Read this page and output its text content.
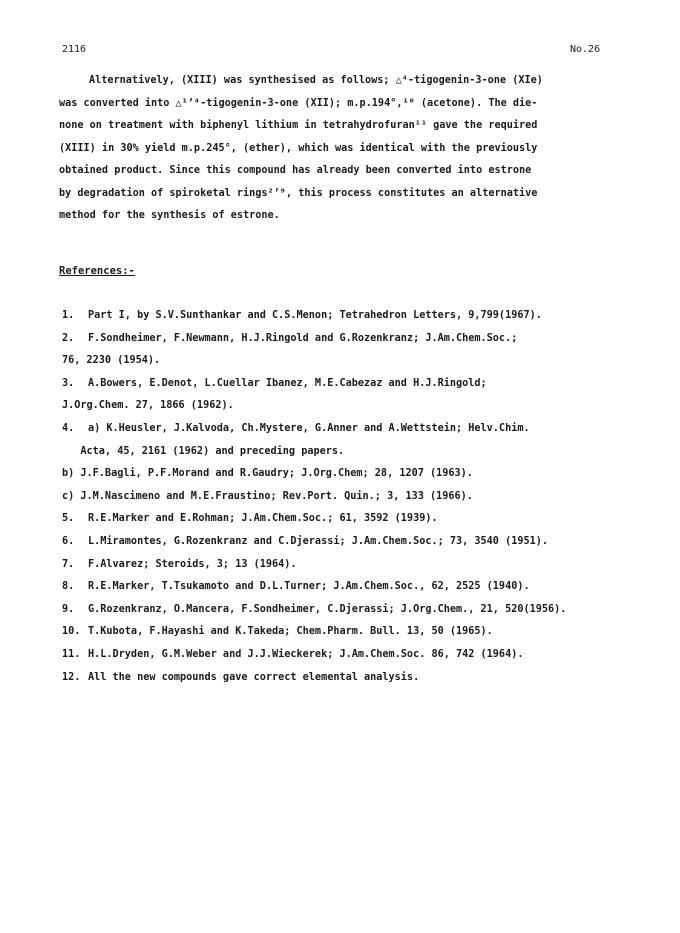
2116	No.26
Alternatively, (XIII) was synthesised as follows; △⁴-tigogenin-3-one (XIe)
was converted into △¹ʼ⁴-tigogenin-3-one (XII); m.p.194°,¹⁰ (acetone). The die-
none on treatment with biphenyl lithium in tetrahydrofuran¹¹ gave the required
(XIII) in 30% yield m.p.245°, (ether), which was identical with the previously
obtained product. Since this compound has already been converted into estrone
by degradation of spiroketal rings²ʼ⁹, this process constitutes an alternative
method for the synthesis of estrone.
References:-
1. Part I, by S.V.Sunthankar and C.S.Menon; Tetrahedron Letters, 9,799(1967).
2. F.Sondheimer, F.Newmann, H.J.Ringold and G.Rozenkranz; J.Am.Chem.Soc.;
76, 2230 (1954).
3. A.Bowers, E.Denot, L.Cuellar Ibanez, M.E.Cabezaz and H.J.Ringold;
J.Org.Chem. 27, 1866 (1962).
4. a) K.Heusler, J.Kalvoda, Ch.Mystere, G.Anner and A.Wettstein; Helv.Chim.
Acta, 45, 2161 (1962) and preceding papers.
b) J.F.Bagli, P.F.Morand and R.Gaudry; J.Org.Chem; 28, 1207 (1963).
c) J.M.Nascimeno and M.E.Fraustino; Rev.Port. Quin.; 3, 133 (1966).
5. R.E.Marker and E.Rohman; J.Am.Chem.Soc.; 61, 3592 (1939).
6. L.Miramontes, G.Rozenkranz and C.Djerassi; J.Am.Chem.Soc.; 73, 3540 (1951).
7. F.Alvarez; Steroids, 3; 13 (1964).
8. R.E.Marker, T.Tsukamoto and D.L.Turner; J.Am.Chem.Soc., 62, 2525 (1940).
9. G.Rozenkranz, O.Mancera, F.Sondheimer, C.Djerassi; J.Org.Chem., 21, 520(1956).
10. T.Kubota, F.Hayashi and K.Takeda; Chem.Pharm. Bull. 13, 50 (1965).
11. H.L.Dryden, G.M.Weber and J.J.Wieckerek; J.Am.Chem.Soc. 86, 742 (1964).
12. All the new compounds gave correct elemental analysis.
